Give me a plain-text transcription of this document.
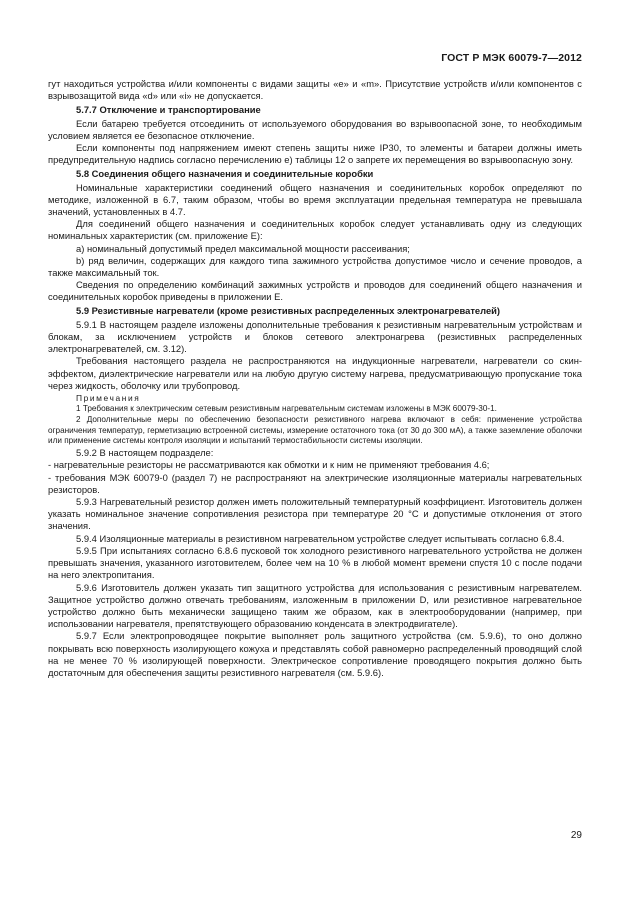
ГОСТ Р МЭК 60079-7—2012

гут находиться устройства и/или компоненты с видами защиты «е» и «m». Присутствие устройств и/или компонентов с взрывозащитой вида «d» или «i» не допускается.

5.7.7 Отключение и транспортирование

Если батарею требуется отсоединить от используемого оборудования во взрывоопасной зоне, то необходимым условием является ее безопасное отключение.

Если компоненты под напряжением имеют степень защиты ниже IP30, то элементы и батареи должны иметь предупредительную надпись согласно перечислению е) таблицы 12 о запрете их перемещения во взрывоопасную зону.

5.8 Соединения общего назначения и соединительные коробки

Номинальные характеристики соединений общего назначения и соединительных коробок определяют по методике, изложенной в 6.7, таким образом, чтобы во время эксплуатации предельная температура не превышала значений, установленных в 4.7.

Для соединений общего назначения и соединительных коробок следует устанавливать одну из следующих номинальных характеристик (см. приложение Е):

a) номинальный допустимый предел максимальной мощности рассеивания;

b) ряд величин, содержащих для каждого типа зажимного устройства допустимое число и сечение проводов, а также максимальный ток.

Сведения по определению комбинаций зажимных устройств и проводов для соединений общего назначения и соединительных коробок приведены в приложении Е.

5.9 Резистивные нагреватели (кроме резистивных распределенных электронагревателей)

5.9.1 В настоящем разделе изложены дополнительные требования к резистивным нагревательным устройствам и блокам, за исключением устройств и блоков сетевого электронагрева (резистивных распределенных электронагревателей, см. 3.12).

Требования настоящего раздела не распространяются на индукционные нагреватели, нагреватели со скин-эффектом, диэлектрические нагреватели или на любую другую систему нагрева, предусматривающую пропускание тока через жидкость, оболочку или трубопровод.

Примечания

1 Требования к электрическим сетевым резистивным нагревательным системам изложены в МЭК 60079-30-1.

2 Дополнительные меры по обеспечению безопасности резистивного нагрева включают в себя: применение устройства ограничения температур, герметизацию встроенной системы, измерение остаточного тока (от 30 до 300 мА), а также заземление оболочки или применение системы контроля изоляции и испытаний термостабильности системы изоляции.

5.9.2 В настоящем подразделе:

- нагревательные резисторы не рассматриваются как обмотки и к ним не применяют требования 4.6;

- требования МЭК 60079-0 (раздел 7) не распространяют на электрические изоляционные материалы нагревательных резисторов.

5.9.3 Нагревательный резистор должен иметь положительный температурный коэффициент. Изготовитель должен указать номинальное значение сопротивления резистора при температуре 20 °С и допустимые отклонения от этого значения.

5.9.4 Изоляционные материалы в резистивном нагревательном устройстве следует испытывать согласно 6.8.4.

5.9.5 При испытаниях согласно 6.8.6 пусковой ток холодного резистивного нагревательного устройства не должен превышать значения, указанного изготовителем, более чем на 10 % в любой момент времени спустя 10 с после подачи на него электропитания.

5.9.6 Изготовитель должен указать тип защитного устройства для использования с резистивным нагревателем. Защитное устройство должно отвечать требованиям, изложенным в приложении D, или резистивное нагревательное устройство должно быть механически защищено таким же образом, как в электрооборудовании (например, при использовании нагревателя, препятствующего образованию конденсата в электродвигателе).

5.9.7 Если электропроводящее покрытие выполняет роль защитного устройства (см. 5.9.6), то оно должно покрывать всю поверхность изолирующего кожуха и представлять собой равномерно распределенный проводящий слой на не менее 70 % изолирующей поверхности. Электрическое сопротивление проводящего покрытия должно быть достаточным для обеспечения защиты резистивного нагревателя (см. 5.9.6).

29
